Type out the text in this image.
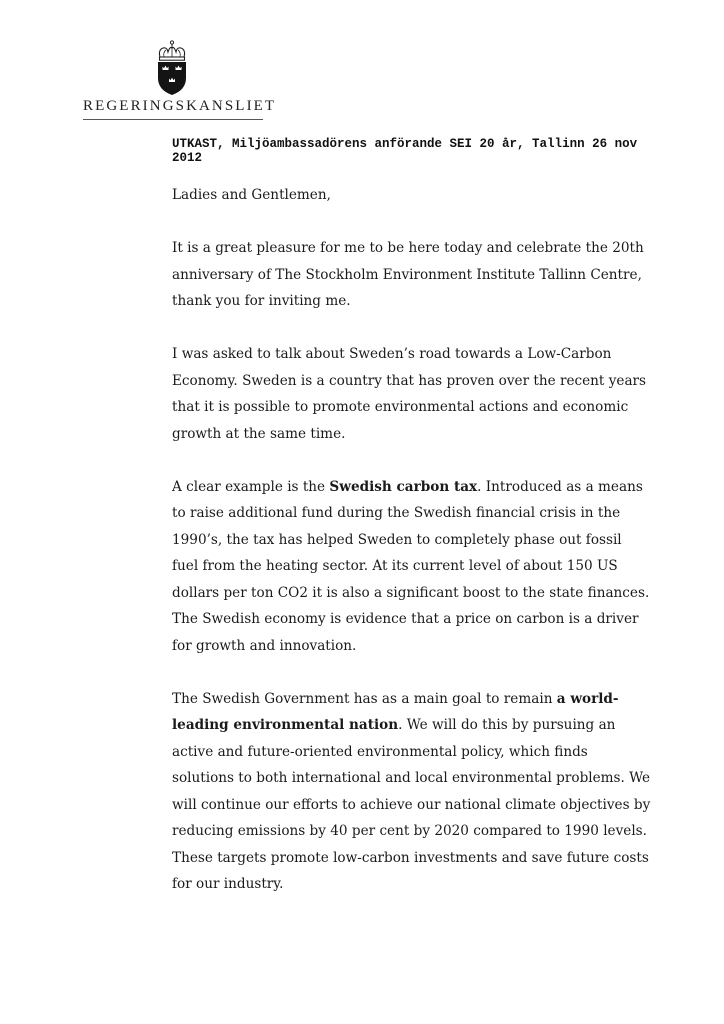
REGERINGSKANSLIET
UTKAST, Miljöambassadörens anförande SEI 20 år, Tallinn 26 nov 2012

Ladies and Gentlemen,

It is a great pleasure for me to be here today and celebrate the 20th anniversary of The Stockholm Environment Institute Tallinn Centre, thank you for inviting me.

I was asked to talk about Sweden’s road towards a Low-Carbon Economy. Sweden is a country that has proven over the recent years that it is possible to promote environmental actions and economic growth at the same time.

A clear example is the Swedish carbon tax. Introduced as a means to raise additional fund during the Swedish financial crisis in the 1990’s, the tax has helped Sweden to completely phase out fossil fuel from the heating sector. At its current level of about 150 US dollars per ton CO2 it is also a significant boost to the state finances. The Swedish economy is evidence that a price on carbon is a driver for growth and innovation.

The Swedish Government has as a main goal to remain a world-leading environmental nation. We will do this by pursuing an active and future-oriented environmental policy, which finds solutions to both international and local environmental problems. We will continue our efforts to achieve our national climate objectives by reducing emissions by 40 per cent by 2020 compared to 1990 levels. These targets promote low-carbon investments and save future costs for our industry.
